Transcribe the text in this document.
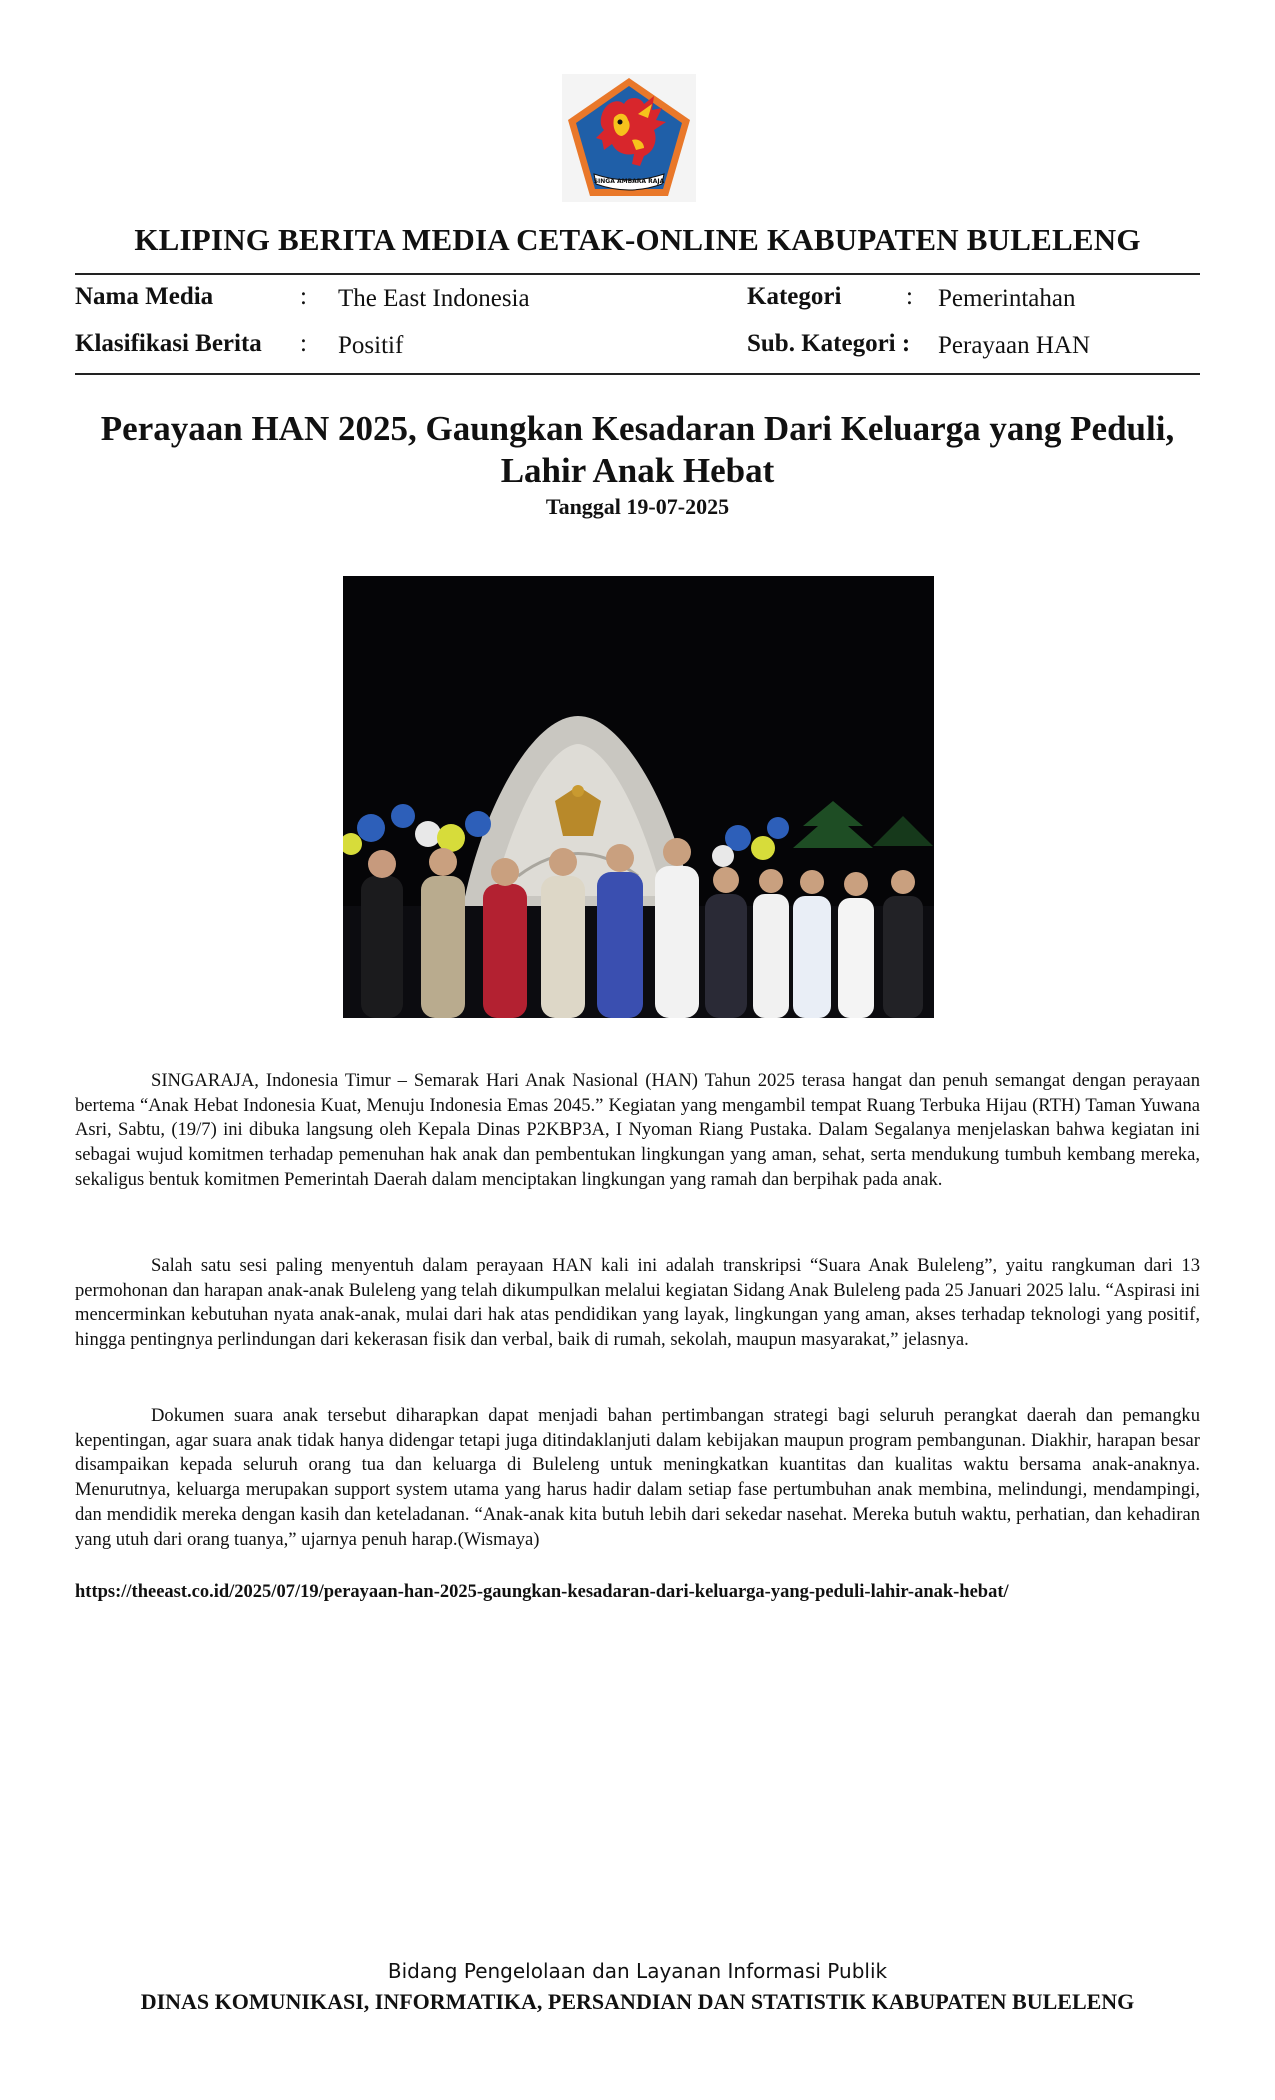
SINGA AMBARA RAJA
KLIPING BERITA MEDIA CETAK-ONLINE KABUPATEN BULELENG
Nama Media	: The East Indonesia	Kategori	: Pemerintahan
Klasifikasi Berita : Positif	Sub. Kategori : Perayaan HAN
Perayaan HAN 2025, Gaungkan Kesadaran Dari Keluarga yang Peduli,
Lahir Anak Hebat
Tanggal 19-07-2025

SINGARAJA, Indonesia Timur – Semarak Hari Anak Nasional (HAN) Tahun 2025 terasa hangat dan penuh semangat dengan perayaan bertema “Anak Hebat Indonesia Kuat, Menuju Indonesia Emas 2045.” Kegiatan yang mengambil tempat Ruang Terbuka Hijau (RTH) Taman Yuwana Asri, Sabtu, (19/7) ini dibuka langsung oleh Kepala Dinas P2KBP3A, I Nyoman Riang Pustaka. Dalam Segalanya menjelaskan bahwa kegiatan ini sebagai wujud komitmen terhadap pemenuhan hak anak dan pembentukan lingkungan yang aman, sehat, serta mendukung tumbuh kembang mereka, sekaligus bentuk komitmen Pemerintah Daerah dalam menciptakan lingkungan yang ramah dan berpihak pada anak.

Salah satu sesi paling menyentuh dalam perayaan HAN kali ini adalah transkripsi “Suara Anak Buleleng”, yaitu rangkuman dari 13 permohonan dan harapan anak-anak Buleleng yang telah dikumpulkan melalui kegiatan Sidang Anak Buleleng pada 25 Januari 2025 lalu. “Aspirasi ini mencerminkan kebutuhan nyata anak-anak, mulai dari hak atas pendidikan yang layak, lingkungan yang aman, akses terhadap teknologi yang positif, hingga pentingnya perlindungan dari kekerasan fisik dan verbal, baik di rumah, sekolah, maupun masyarakat,” jelasnya.

Dokumen suara anak tersebut diharapkan dapat menjadi bahan pertimbangan strategi bagi seluruh perangkat daerah dan pemangku kepentingan, agar suara anak tidak hanya didengar tetapi juga ditindaklanjuti dalam kebijakan maupun program pembangunan. Diakhir, harapan besar disampaikan kepada seluruh orang tua dan keluarga di Buleleng untuk meningkatkan kuantitas dan kualitas waktu bersama anak-anaknya. Menurutnya, keluarga merupakan support system utama yang harus hadir dalam setiap fase pertumbuhan anak membina, melindungi, mendampingi, dan mendidik mereka dengan kasih dan keteladanan. “Anak-anak kita butuh lebih dari sekedar nasehat. Mereka butuh waktu, perhatian, dan kehadiran yang utuh dari orang tuanya,” ujarnya penuh harap.(Wismaya)

https://theeast.co.id/2025/07/19/perayaan-han-2025-gaungkan-kesadaran-dari-keluarga-yang-peduli-lahir-anak-hebat/
Bidang Pengelolaan dan Layanan Informasi Publik
DINAS KOMUNIKASI, INFORMATIKA, PERSANDIAN DAN STATISTIK KABUPATEN BULELENG
